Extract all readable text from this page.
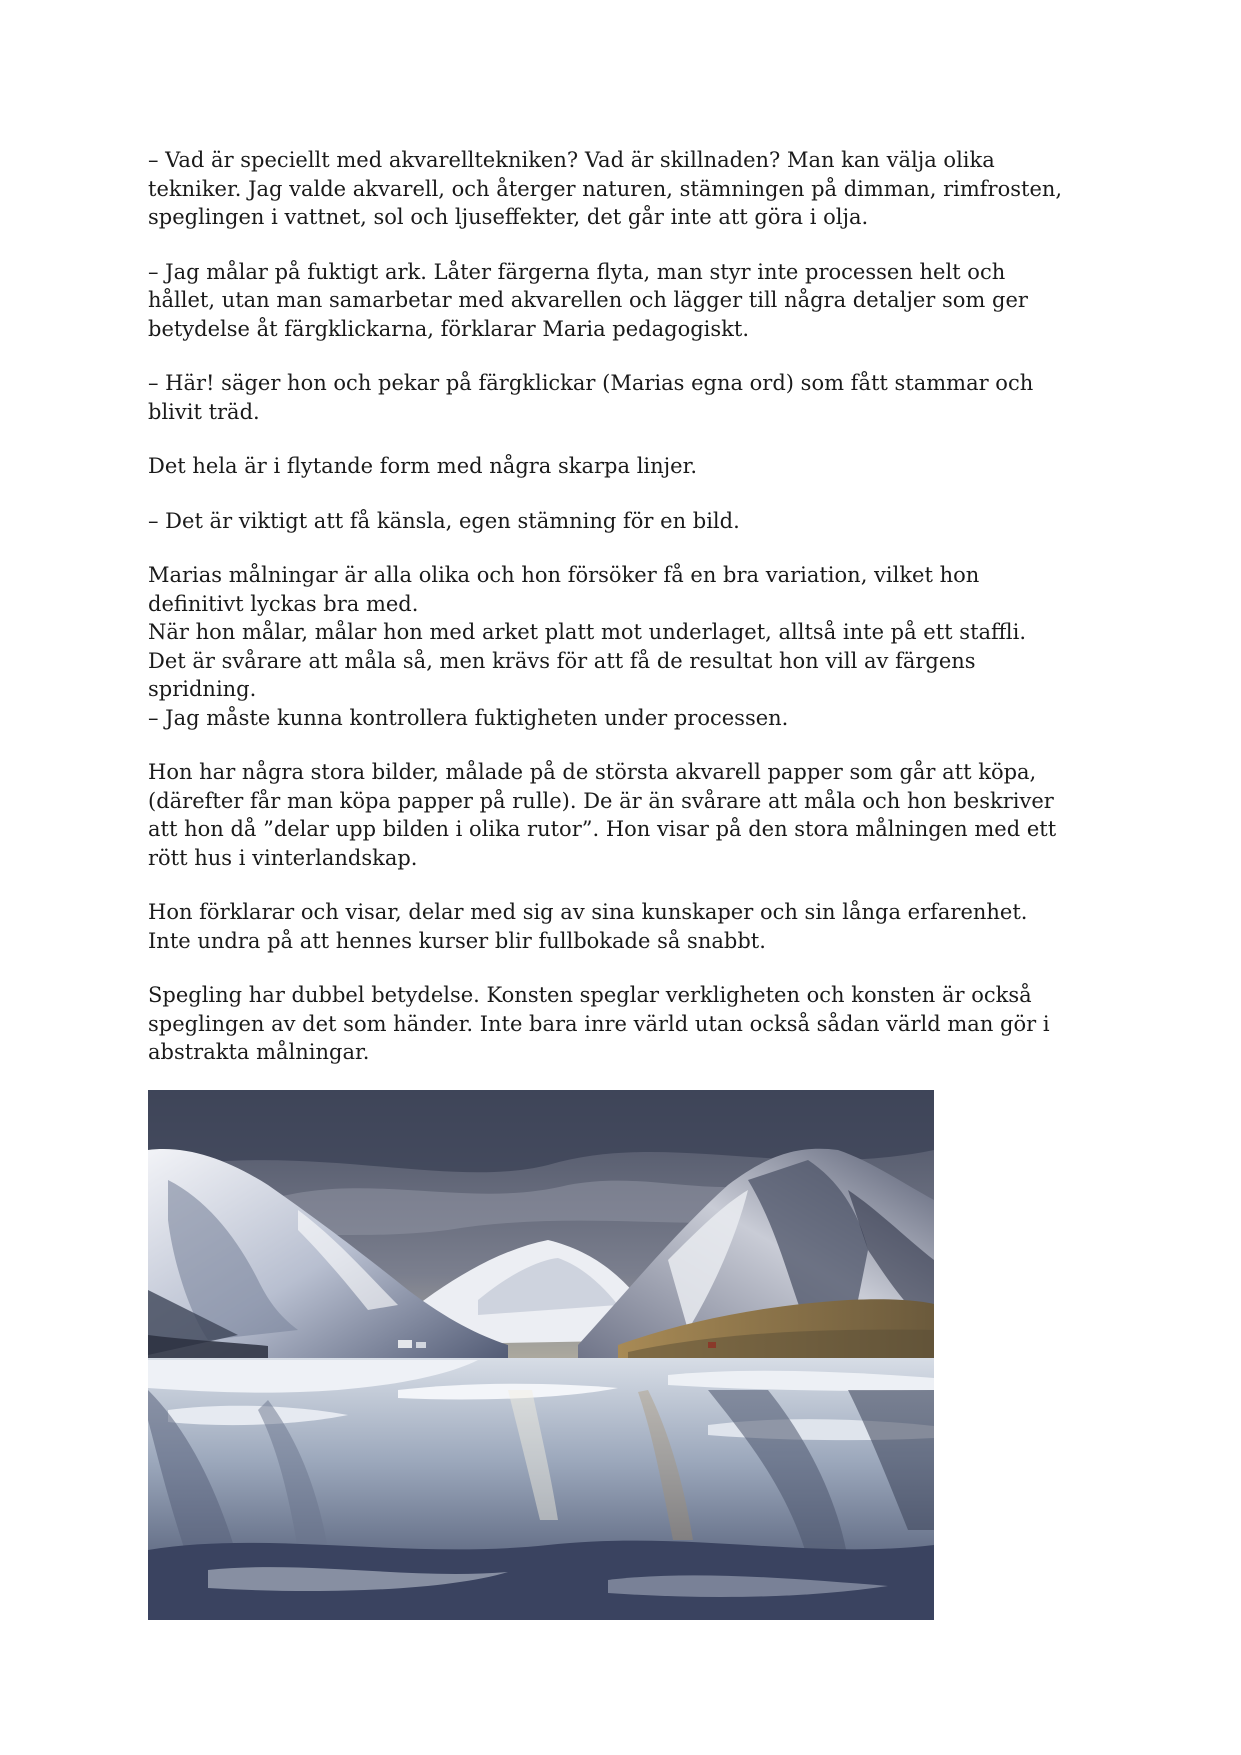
– Vad är speciellt med akvarelltekniken? Vad är skillnaden? Man kan välja olika
tekniker. Jag valde akvarell, och återger naturen, stämningen på dimman, rimfrosten,
speglingen i vattnet, sol och ljuseffekter, det går inte att göra i olja.

– Jag målar på fuktigt ark. Låter färgerna flyta, man styr inte processen helt och
hållet, utan man samarbetar med akvarellen och lägger till några detaljer som ger
betydelse åt färgklickarna, förklarar Maria pedagogiskt.

– Här! säger hon och pekar på färgklickar (Marias egna ord) som fått stammar och
blivit träd.

Det hela är i flytande form med några skarpa linjer.

– Det är viktigt att få känsla, egen stämning för en bild.

Marias målningar är alla olika och hon försöker få en bra variation, vilket hon
definitivt lyckas bra med.
När hon målar, målar hon med arket platt mot underlaget, alltså inte på ett staffli.
Det är svårare att måla så, men krävs för att få de resultat hon vill av färgens
spridning.
– Jag måste kunna kontrollera fuktigheten under processen.

Hon har några stora bilder, målade på de största akvarell papper som går att köpa,
(därefter får man köpa papper på rulle). De är än svårare att måla och hon beskriver
att hon då ”delar upp bilden i olika rutor”. Hon visar på den stora målningen med ett
rött hus i vinterlandskap.

Hon förklarar och visar, delar med sig av sina kunskaper och sin långa erfarenhet.
Inte undra på att hennes kurser blir fullbokade så snabbt.

Spegling har dubbel betydelse. Konsten speglar verkligheten och konsten är också
speglingen av det som händer. Inte bara inre värld utan också sådan värld man gör i
abstrakta målningar.
